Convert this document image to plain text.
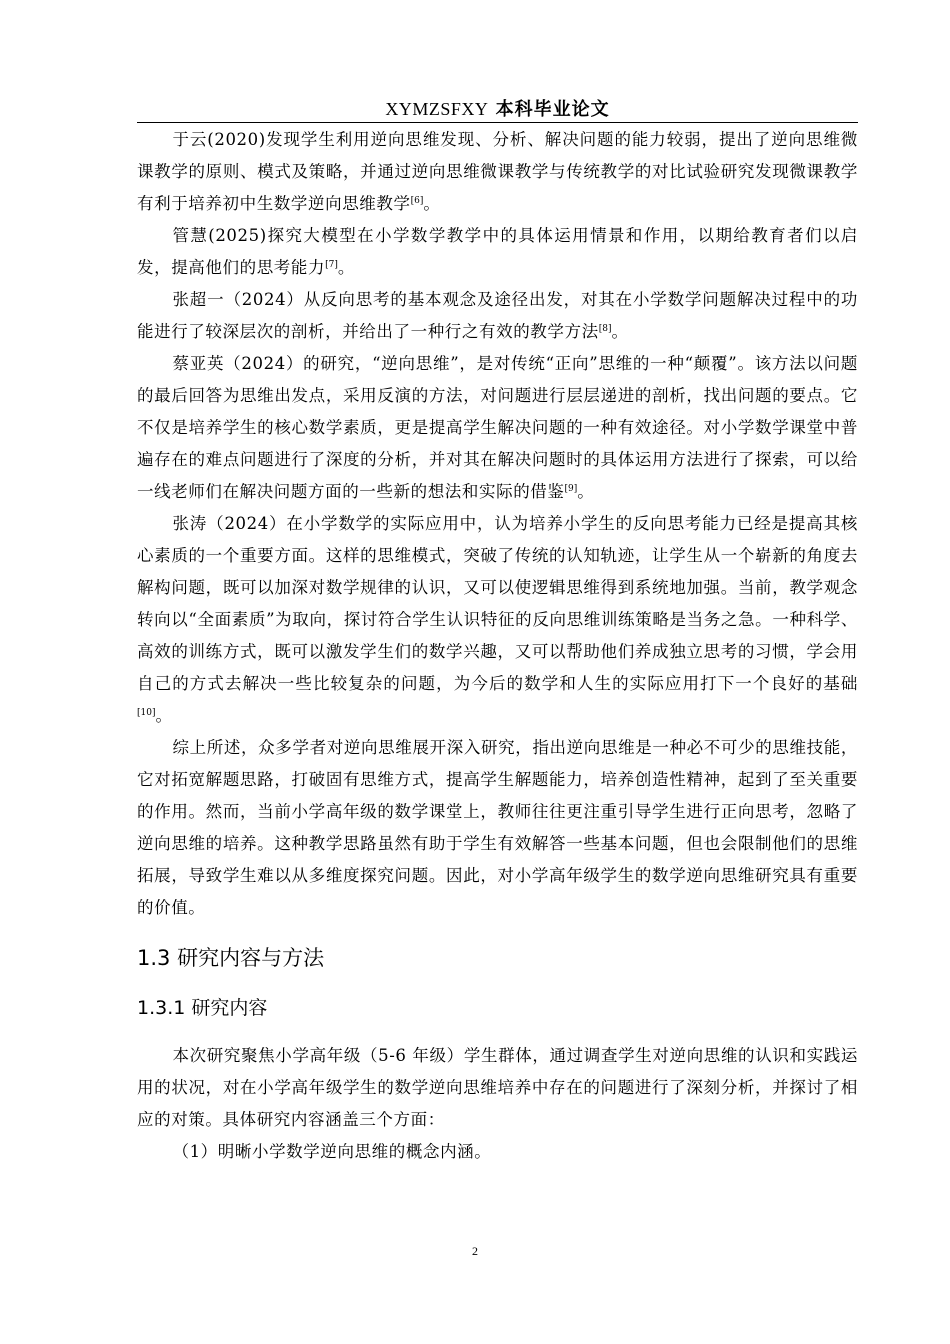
XYMZSFXY 本科毕业论文

于云(2020)发现学生利用逆向思维发现、分析、解决问题的能力较弱，提出了逆向思维微课教学的原则、模式及策略，并通过逆向思维微课教学与传统教学的对比试验研究发现微课教学有利于培养初中生数学逆向思维教学[6]。

管慧(2025)探究大模型在小学数学教学中的具体运用情景和作用，以期给教育者们以启发，提高他们的思考能力[7]。

张超一（2024）从反向思考的基本观念及途径出发，对其在小学数学问题解决过程中的功能进行了较深层次的剖析，并给出了一种行之有效的教学方法[8]。

蔡亚英（2024）的研究，“逆向思维”，是对传统“正向”思维的一种“颠覆”。该方法以问题的最后回答为思维出发点，采用反演的方法，对问题进行层层递进的剖析，找出问题的要点。它不仅是培养学生的核心数学素质，更是提高学生解决问题的一种有效途径。对小学数学课堂中普遍存在的难点问题进行了深度的分析，并对其在解决问题时的具体运用方法进行了探索，可以给一线老师们在解决问题方面的一些新的想法和实际的借鉴[9]。

张涛（2024）在小学数学的实际应用中，认为培养小学生的反向思考能力已经是提高其核心素质的一个重要方面。这样的思维模式，突破了传统的认知轨迹，让学生从一个崭新的角度去解构问题，既可以加深对数学规律的认识，又可以使逻辑思维得到系统地加强。当前，教学观念转向以“全面素质”为取向，探讨符合学生认识特征的反向思维训练策略是当务之急。一种科学、高效的训练方式，既可以激发学生们的数学兴趣，又可以帮助他们养成独立思考的习惯，学会用自己的方式去解决一些比较复杂的问题，为今后的数学和人生的实际应用打下一个良好的基础[10]。

综上所述，众多学者对逆向思维展开深入研究，指出逆向思维是一种必不可少的思维技能，它对拓宽解题思路，打破固有思维方式，提高学生解题能力，培养创造性精神，起到了至关重要的作用。然而，当前小学高年级的数学课堂上，教师往往更注重引导学生进行正向思考，忽略了逆向思维的培养。这种教学思路虽然有助于学生有效解答一些基本问题，但也会限制他们的思维拓展，导致学生难以从多维度探究问题。因此，对小学高年级学生的数学逆向思维研究具有重要的价值。

1.3 研究内容与方法
1.3.1 研究内容

本次研究聚焦小学高年级（5-6 年级）学生群体，通过调查学生对逆向思维的认识和实践运用的状况，对在小学高年级学生的数学逆向思维培养中存在的问题进行了深刻分析，并探讨了相应的对策。具体研究内容涵盖三个方面：

（1）明晰小学数学逆向思维的概念内涵。

2
